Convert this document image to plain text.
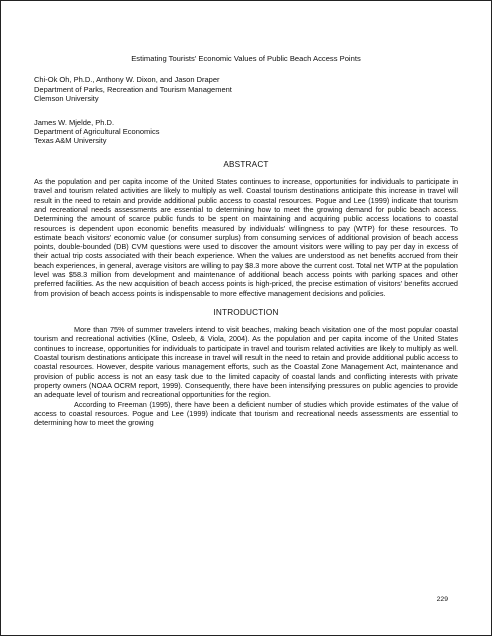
Estimating Tourists' Economic Values of Public Beach Access Points
Chi-Ok Oh, Ph.D., Anthony W. Dixon, and Jason Draper
Department of Parks, Recreation and Tourism Management
Clemson University
James W. Mjelde, Ph.D.
Department of Agricultural Economics
Texas A&M University
ABSTRACT

As the population and per capita income of the United States continues to increase, opportunities for individuals to participate in travel and tourism related activities are likely to multiply as well. Coastal tourism destinations anticipate this increase in travel will result in the need to retain and provide additional public access to coastal resources. Pogue and Lee (1999) indicate that tourism and recreational needs assessments are essential to determining how to meet the growing demand for public beach access. Determining the amount of scarce public funds to be spent on maintaining and acquiring public access locations to coastal resources is dependent upon economic benefits measured by individuals' willingness to pay (WTP) for these resources. To estimate beach visitors' economic value (or consumer surplus) from consuming services of additional provision of beach access points, double-bounded (DB) CVM questions were used to discover the amount visitors were willing to pay per day in excess of their actual trip costs associated with their beach experience. When the values are understood as net benefits accrued from their beach experiences, in general, average visitors are willing to pay $8.3 more above the current cost. Total net WTP at the population level was $58.3 million from development and maintenance of additional beach access points with parking spaces and other preferred facilities. As the new acquisition of beach access points is high-priced, the precise estimation of visitors' benefits accrued from provision of beach access points is indispensable to more effective management decisions and policies.

INTRODUCTION

More than 75% of summer travelers intend to visit beaches, making beach visitation one of the most popular coastal tourism and recreational activities (Kline, Osleeb, & Viola, 2004). As the population and per capita income of the United States continues to increase, opportunities for individuals to participate in travel and tourism related activities are likely to multiply as well. Coastal tourism destinations anticipate this increase in travel will result in the need to retain and provide additional public access to coastal resources. However, despite various management efforts, such as the Coastal Zone Management Act, maintenance and provision of public access is not an easy task due to the limited capacity of coastal lands and conflicting interests with private property owners (NOAA OCRM report, 1999). Consequently, there have been intensifying pressures on public agencies to provide an adequate level of tourism and recreational opportunities for the region.

According to Freeman (1995), there have been a deficient number of studies which provide estimates of the value of access to coastal resources. Pogue and Lee (1999) indicate that tourism and recreational needs assessments are essential to determining how to meet the growing

229
